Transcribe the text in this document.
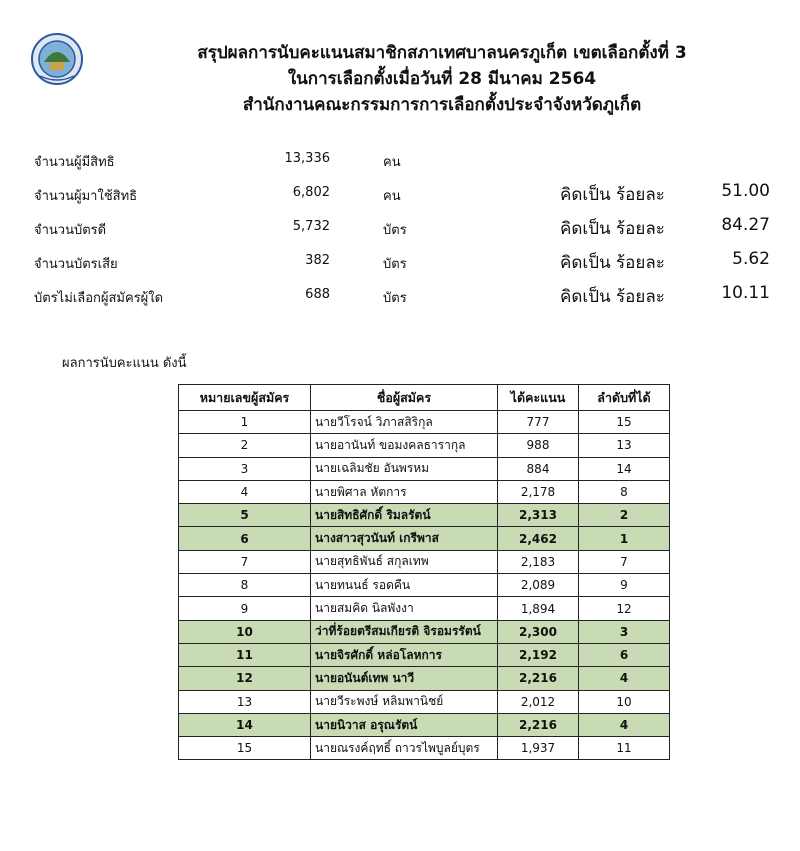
สรุปผลการนับคะแนนสมาชิกสภาเทศบาลนครภูเก็ต เขตเลือกตั้งที่ 3
ในการเลือกตั้งเมื่อวันที่ 28 มีนาคม 2564
สำนักงานคณะกรรมการการเลือกตั้งประจำจังหวัดภูเก็ต
จำนวนผู้มีสิทธิ	13,336	คน
จำนวนผู้มาใช้สิทธิ	6,802	คน	คิดเป็น ร้อยละ	51.00
จำนวนบัตรดี	5,732	บัตร	คิดเป็น ร้อยละ	84.27
จำนวนบัตรเสีย	382	บัตร	คิดเป็น ร้อยละ	5.62
บัตรไม่เลือกผู้สมัครผู้ใด	688	บัตร	คิดเป็น ร้อยละ	10.11
ผลการนับคะแนน ดังนี้
หมายเลขผู้สมัคร	ชื่อผู้สมัคร	ได้คะแนน	ลำดับที่ได้
1	นายวีโรจน์ วิภาสสิริกุล	777	15
2	นายอานันท์ ขอมงคลธารากุล	988	13
3	นายเฉลิมชัย อันพรหม	884	14
4	นายพิศาล หัตการ	2,178	8
5	นายสิทธิศักดิ์ ริมลรัตน์	2,313	2
6	นางสาวสุวนันท์ เกรีพาส	2,462	1
7	นายสุทธิพันธ์ สกุลเทพ	2,183	7
8	นายทนนธ์ รอดคืน	2,089	9
9	นายสมคิด นิลพังงา	1,894	12
10	ว่าที่ร้อยตรีสมเกียรติ จิรอมรรัตน์	2,300	3
11	นายจิรศักดิ์ หล่อโลหการ	2,192	6
12	นายอนันต์เทพ นาวี	2,216	4
13	นายวีระพงษ์ หลิมพานิชย์	2,012	10
14	นายนิวาส อรุณรัตน์	2,216	4
15	นายณรงค์ฤทธิ์ ถาวรไพบูลย์บุตร	1,937	11
